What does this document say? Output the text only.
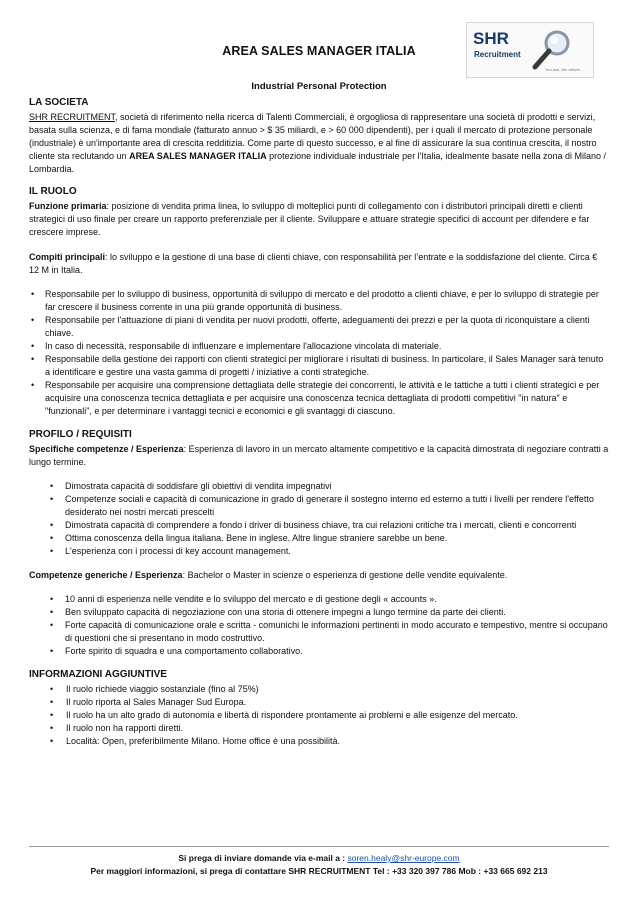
SHR
Recruitment
You ask, We deliver
AREA SALES MANAGER ITALIA
Industrial Personal Protection
LA SOCIETA

SHR RECRUITMENT, società di riferimento nella ricerca di Talenti Commerciali, è orgogliosa di rappresentare una società di prodotti e servizi, basata sulla scienza, e di fama mondiale (fatturato annuo > $ 35 miliardi, e > 60 000 dipendenti), per i quali il mercato di protezione personale (industriale) è un'importante area di crescita redditizia. Come parte di questo successo, e al fine di assicurare la sua continua crescita, il nostro cliente sta reclutando un AREA SALES MANAGER ITALIA protezione individuale industriale per l'Italia, idealmente basate nella zona di Milano / Lombardia.

IL RUOLO

Funzione primaria: posizione di vendita prima linea, lo sviluppo di molteplici punti di collegamento con i distributori principali diretti e clienti strategici di uso finale per creare un rapporto preferenziale per il cliente. Sviluppare e attuare strategie specifici di account per difendere e far crescere imprese.

Compiti principali: lo sviluppo e la gestione di una base di clienti chiave, con responsabilità per l’entrate e la soddisfazione del cliente. Circa € 12 M in Italia.

• Responsabile per lo sviluppo di business, opportunità di sviluppo di mercato e del prodotto a clienti chiave, e per lo sviluppo di strategie per far crescere il business corrente in una più grande opportunità di business.
• Responsabile per l'attuazione di piani di vendita per nuovi prodotti, offerte, adeguamenti dei prezzi e per la quota di riconquistare a clienti chiave.
• In caso di necessità, responsabile di influenzare e implementare l'allocazione vincolata di materiale.
• Responsabile della gestione dei rapporti con clienti strategici per migliorare i risultati di business. In particolare, il Sales Manager sarà tenuto a identificare e gestire una vasta gamma di progetti / iniziative a conti strategiche.
• Responsabile per acquisire una comprensione dettagliata delle strategie dei concorrenti, le attività e le tattiche a tutti i clienti strategici e per acquisire una conoscenza tecnica dettagliata e per acquisire una conoscenza tecnica dettagliata di prodotti competitivi "in natura" e "funzionali", e per determinare i vantaggi tecnici e economici e gli svantaggi di ciascuno.
PROFILO / REQUISITI

Specifiche competenze / Esperienza: Esperienza di lavoro in un mercato altamente competitivo e la capacità dimostrata di negoziare contratti a lungo termine.

• Dimostrata capacità di soddisfare gli obiettivi di vendita impegnativi
• Competenze sociali e capacità di comunicazione in grado di generare il sostegno interno ed esterno a tutti i livelli per rendere l'effetto desiderato nei nostri mercati prescelti
• Dimostrata capacità di comprendere a fondo i driver di business chiave, tra cui relazioni critiche tra i mercati, clienti e concorrenti
• Ottima conoscenza della lingua italiana. Bene in inglese. Altre lingue straniere sarebbe un bene.
• L'esperienza con i processi di key account management.

Competenze generiche / Esperienza: Bachelor o Master in scienze o esperienza di gestione delle vendite equivalente.

• 10 anni di esperienza nelle vendite e lo sviluppo del mercato e di gestione degli « accounts ».
• Ben sviluppato capacità di negoziazione con una storia di ottenere impegni a lungo termine da parte dei clienti.
• Forte capacità di comunicazione orale e scritta - comunichi le informazioni pertinenti in modo accurato e tempestivo, mentre si occupano di questioni che si presentano in modo costruttivo.
• Forte spirito di squadra e una comportamento collaborativo.
INFORMAZIONI AGGIUNTIVE
• Il ruolo richiede viaggio sostanziale (fino al 75%)
• Il ruolo riporta al Sales Manager Sud Europa.
• Il ruolo ha un alto grado di autonomia e libertà di rispondere prontamente ai problemi e alle esigenze del mercato.
• Il ruolo non ha rapporti diretti.
• Località: Open, preferibilmente Milano. Home office è una possibilità.
Si prega di inviare domande via e-mail a : soren.healy@shr-europe.com
Per maggiori informazioni, si prega di contattare SHR RECRUITMENT Tel : +33 320 397 786 Mob : +33 665 692 213
